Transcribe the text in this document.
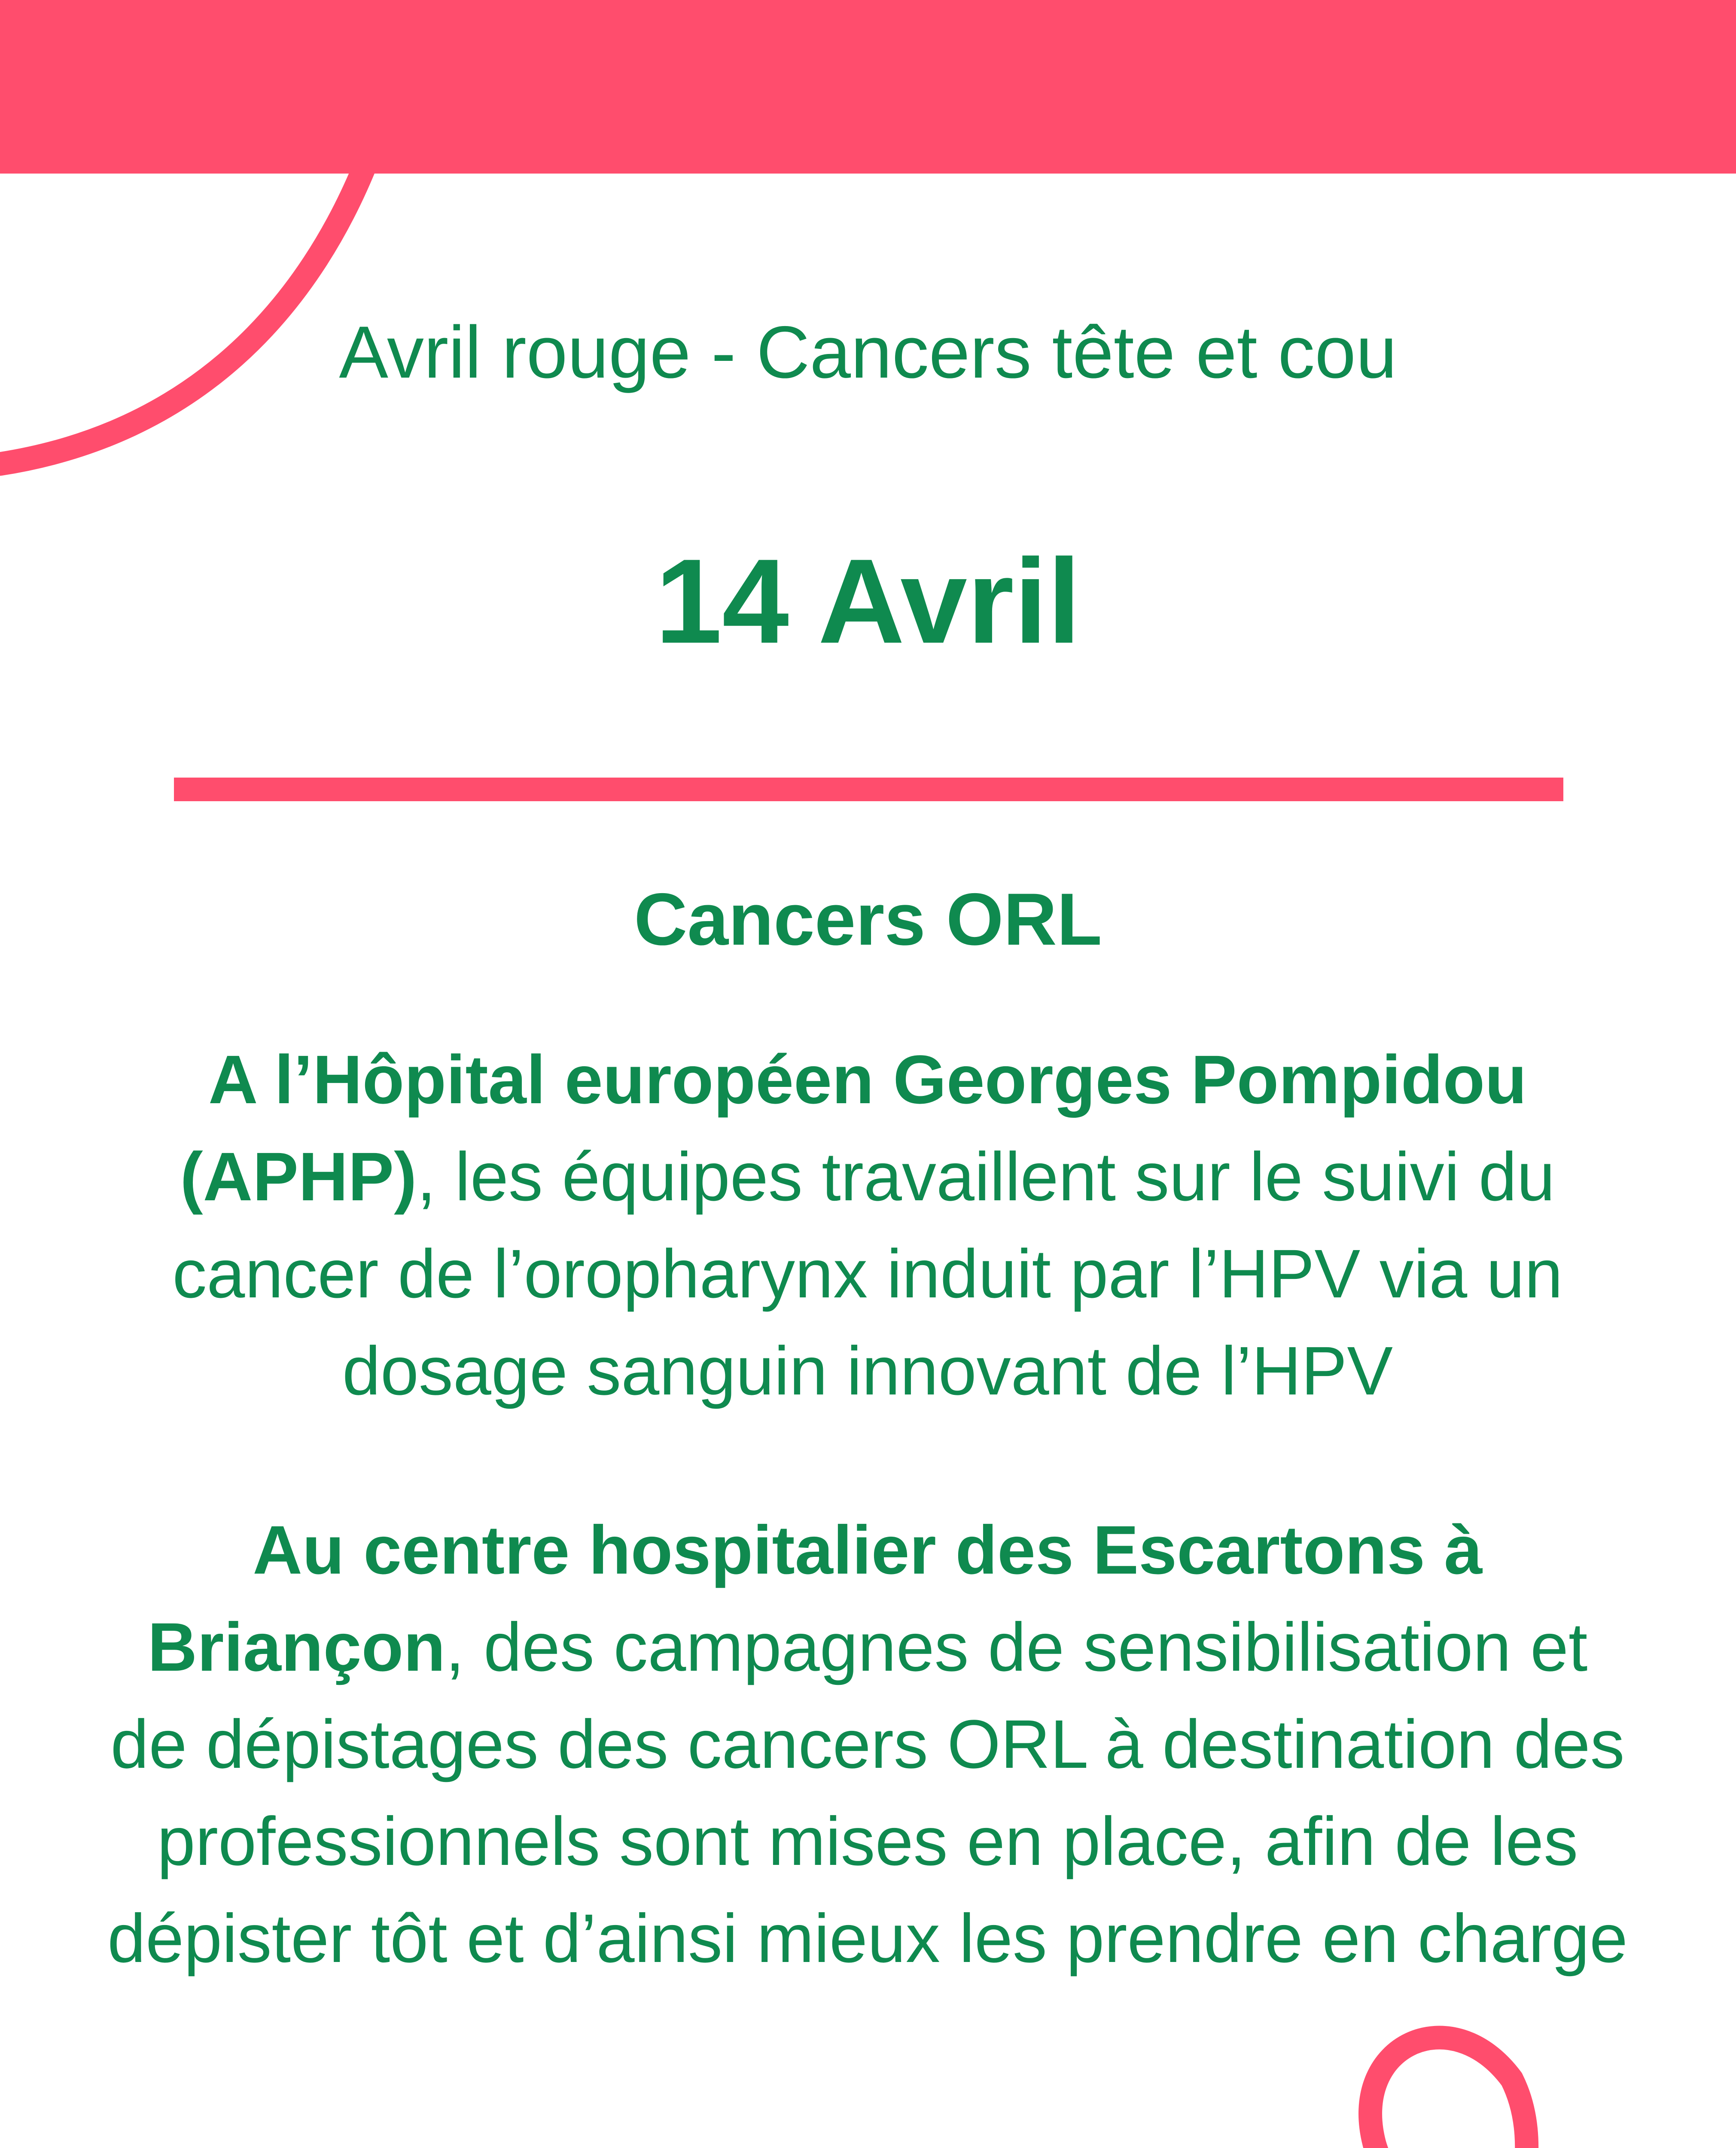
Avril rouge - Cancers tête et cou
14 Avril
Cancers ORL
A l’Hôpital européen Georges Pompidou (APHP), les équipes travaillent sur le suivi du cancer de l’oropharynx induit par l’HPV via un dosage sanguin innovant de l’HPV
Au centre hospitalier des Escartons à Briançon, des campagnes de sensibilisation et de dépistages des cancers ORL à destination des professionnels sont mises en place, afin de les dépister tôt et d’ainsi mieux les prendre en charge
